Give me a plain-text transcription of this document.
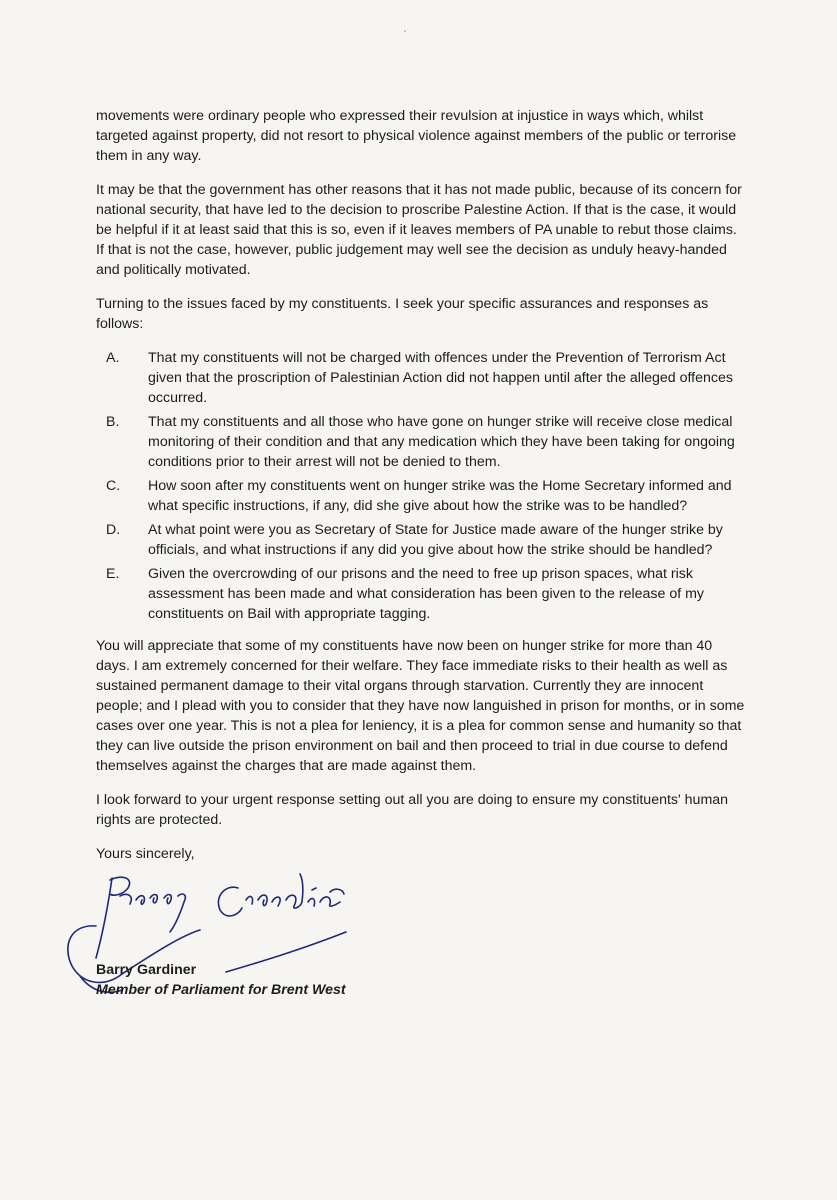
movements were ordinary people who expressed their revulsion at injustice in ways which, whilst targeted against property, did not resort to physical violence against members of the public or terrorise them in any way.

It may be that the government has other reasons that it has not made public, because of its concern for national security, that have led to the decision to proscribe Palestine Action. If that is the case, it would be helpful if it at least said that this is so, even if it leaves members of PA unable to rebut those claims. If that is not the case, however, public judgement may well see the decision as unduly heavy-handed and politically motivated.

Turning to the issues faced by my constituents. I seek your specific assurances and responses as follows:

A. That my constituents will not be charged with offences under the Prevention of Terrorism Act given that the proscription of Palestinian Action did not happen until after the alleged offences occurred.
B. That my constituents and all those who have gone on hunger strike will receive close medical monitoring of their condition and that any medication which they have been taking for ongoing conditions prior to their arrest will not be denied to them.
C. How soon after my constituents went on hunger strike was the Home Secretary informed and what specific instructions, if any, did she give about how the strike was to be handled?
D. At what point were you as Secretary of State for Justice made aware of the hunger strike by officials, and what instructions if any did you give about how the strike should be handled?
E. Given the overcrowding of our prisons and the need to free up prison spaces, what risk assessment has been made and what consideration has been given to the release of my constituents on Bail with appropriate tagging.

You will appreciate that some of my constituents have now been on hunger strike for more than 40 days. I am extremely concerned for their welfare. They face immediate risks to their health as well as sustained permanent damage to their vital organs through starvation. Currently they are innocent people; and I plead with you to consider that they have now languished in prison for months, or in some cases over one year. This is not a plea for leniency, it is a plea for common sense and humanity so that they can live outside the prison environment on bail and then proceed to trial in due course to defend themselves against the charges that are made against them.

I look forward to your urgent response setting out all you are doing to ensure my constituents' human rights are protected.

Yours sincerely,

Barry Gardiner
Member of Parliament for Brent West
